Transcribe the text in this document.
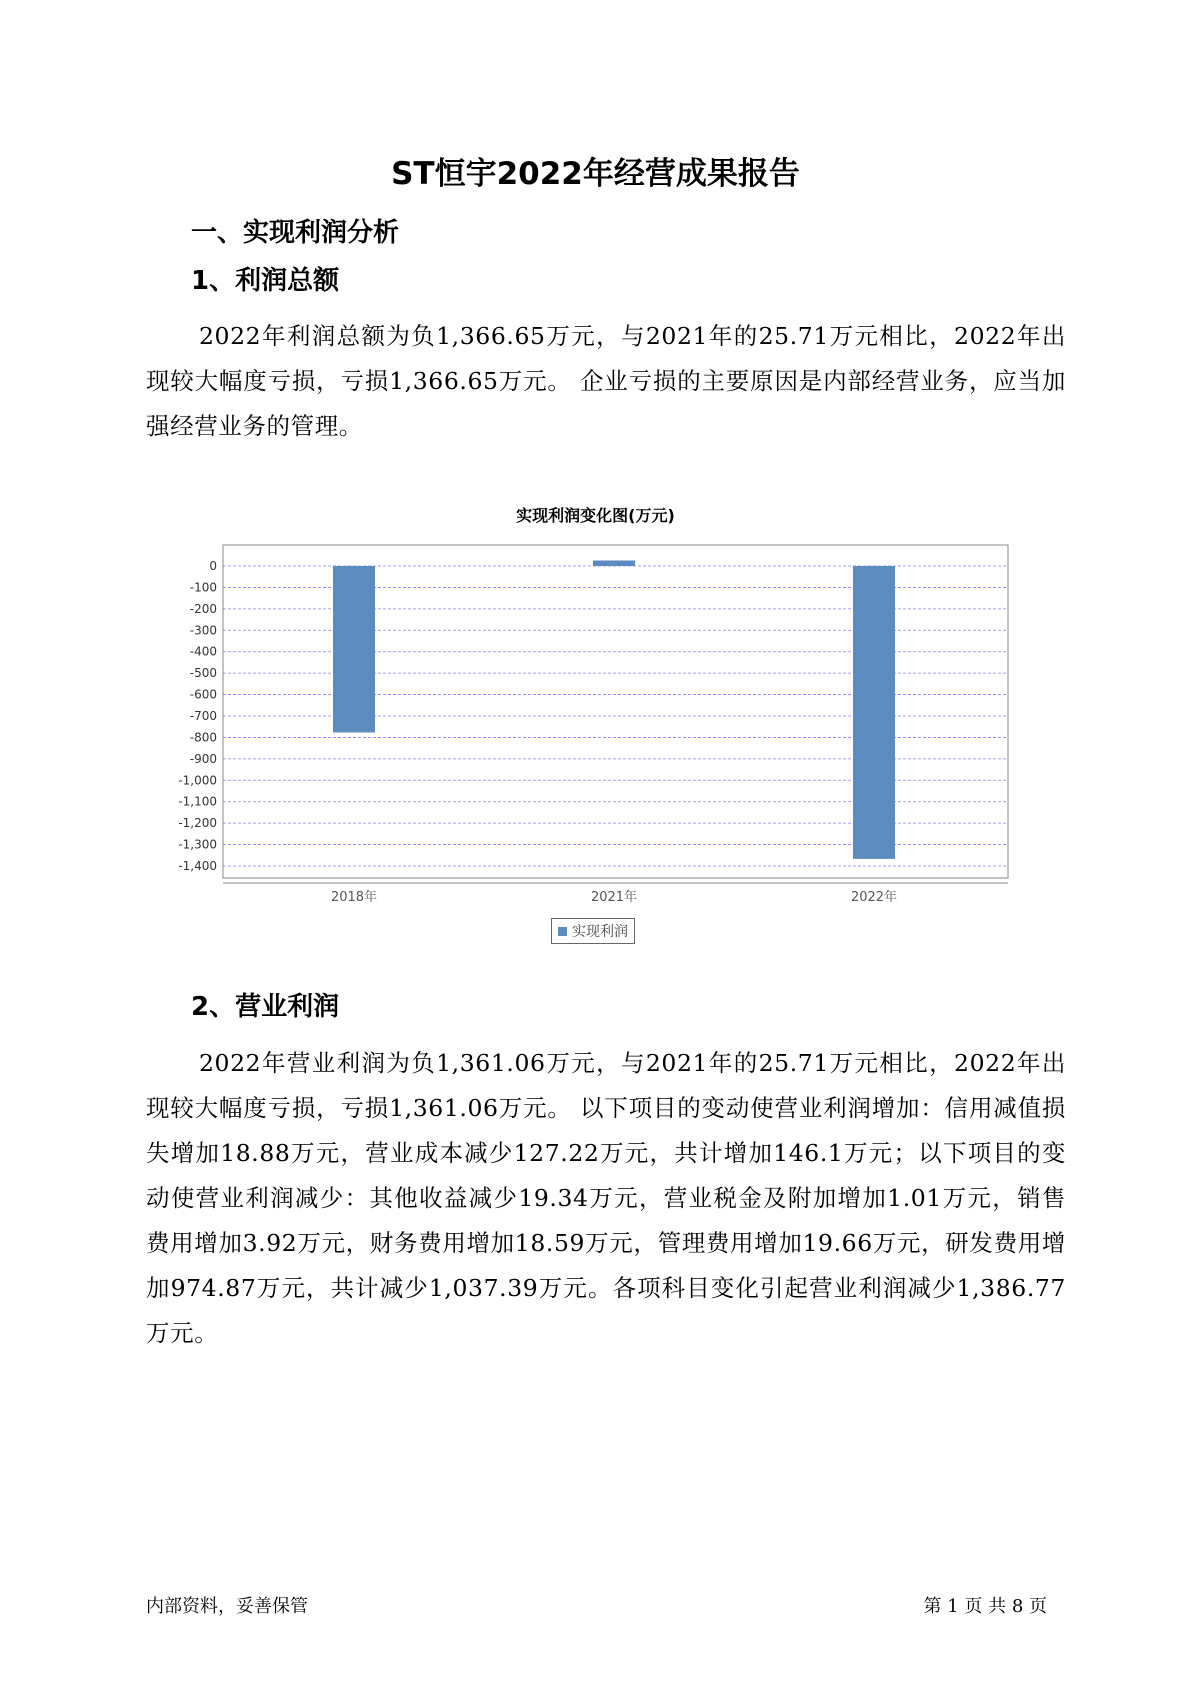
ST恒宇2022年经营成果报告
一、实现利润分析
1、利润总额

2022年利润总额为负1,366.65万元，与2021年的25.71万元相比，2022年出现较大幅度亏损，亏损1,366.65万元。 企业亏损的主要原因是内部经营业务，应当加强经营业务的管理。

实现利润变化图(万元)
0
-100
-200
-300
-400
-500
-600
-700
-800
-900
-1,000
-1,100
-1,200
-1,300
-1,400
2018年	2021年	2022年
实现利润
2、营业利润

2022年营业利润为负1,361.06万元，与2021年的25.71万元相比，2022年出现较大幅度亏损，亏损1,361.06万元。 以下项目的变动使营业利润增加：信用减值损失增加18.88万元，营业成本减少127.22万元，共计增加146.1万元；以下项目的变动使营业利润减少：其他收益减少19.34万元，营业税金及附加增加1.01万元，销售费用增加3.92万元，财务费用增加18.59万元，管理费用增加19.66万元，研发费用增加974.87万元，共计减少1,037.39万元。各项科目变化引起营业利润减少1,386.77万元。

内部资料，妥善保管	第 1 页 共 8 页
